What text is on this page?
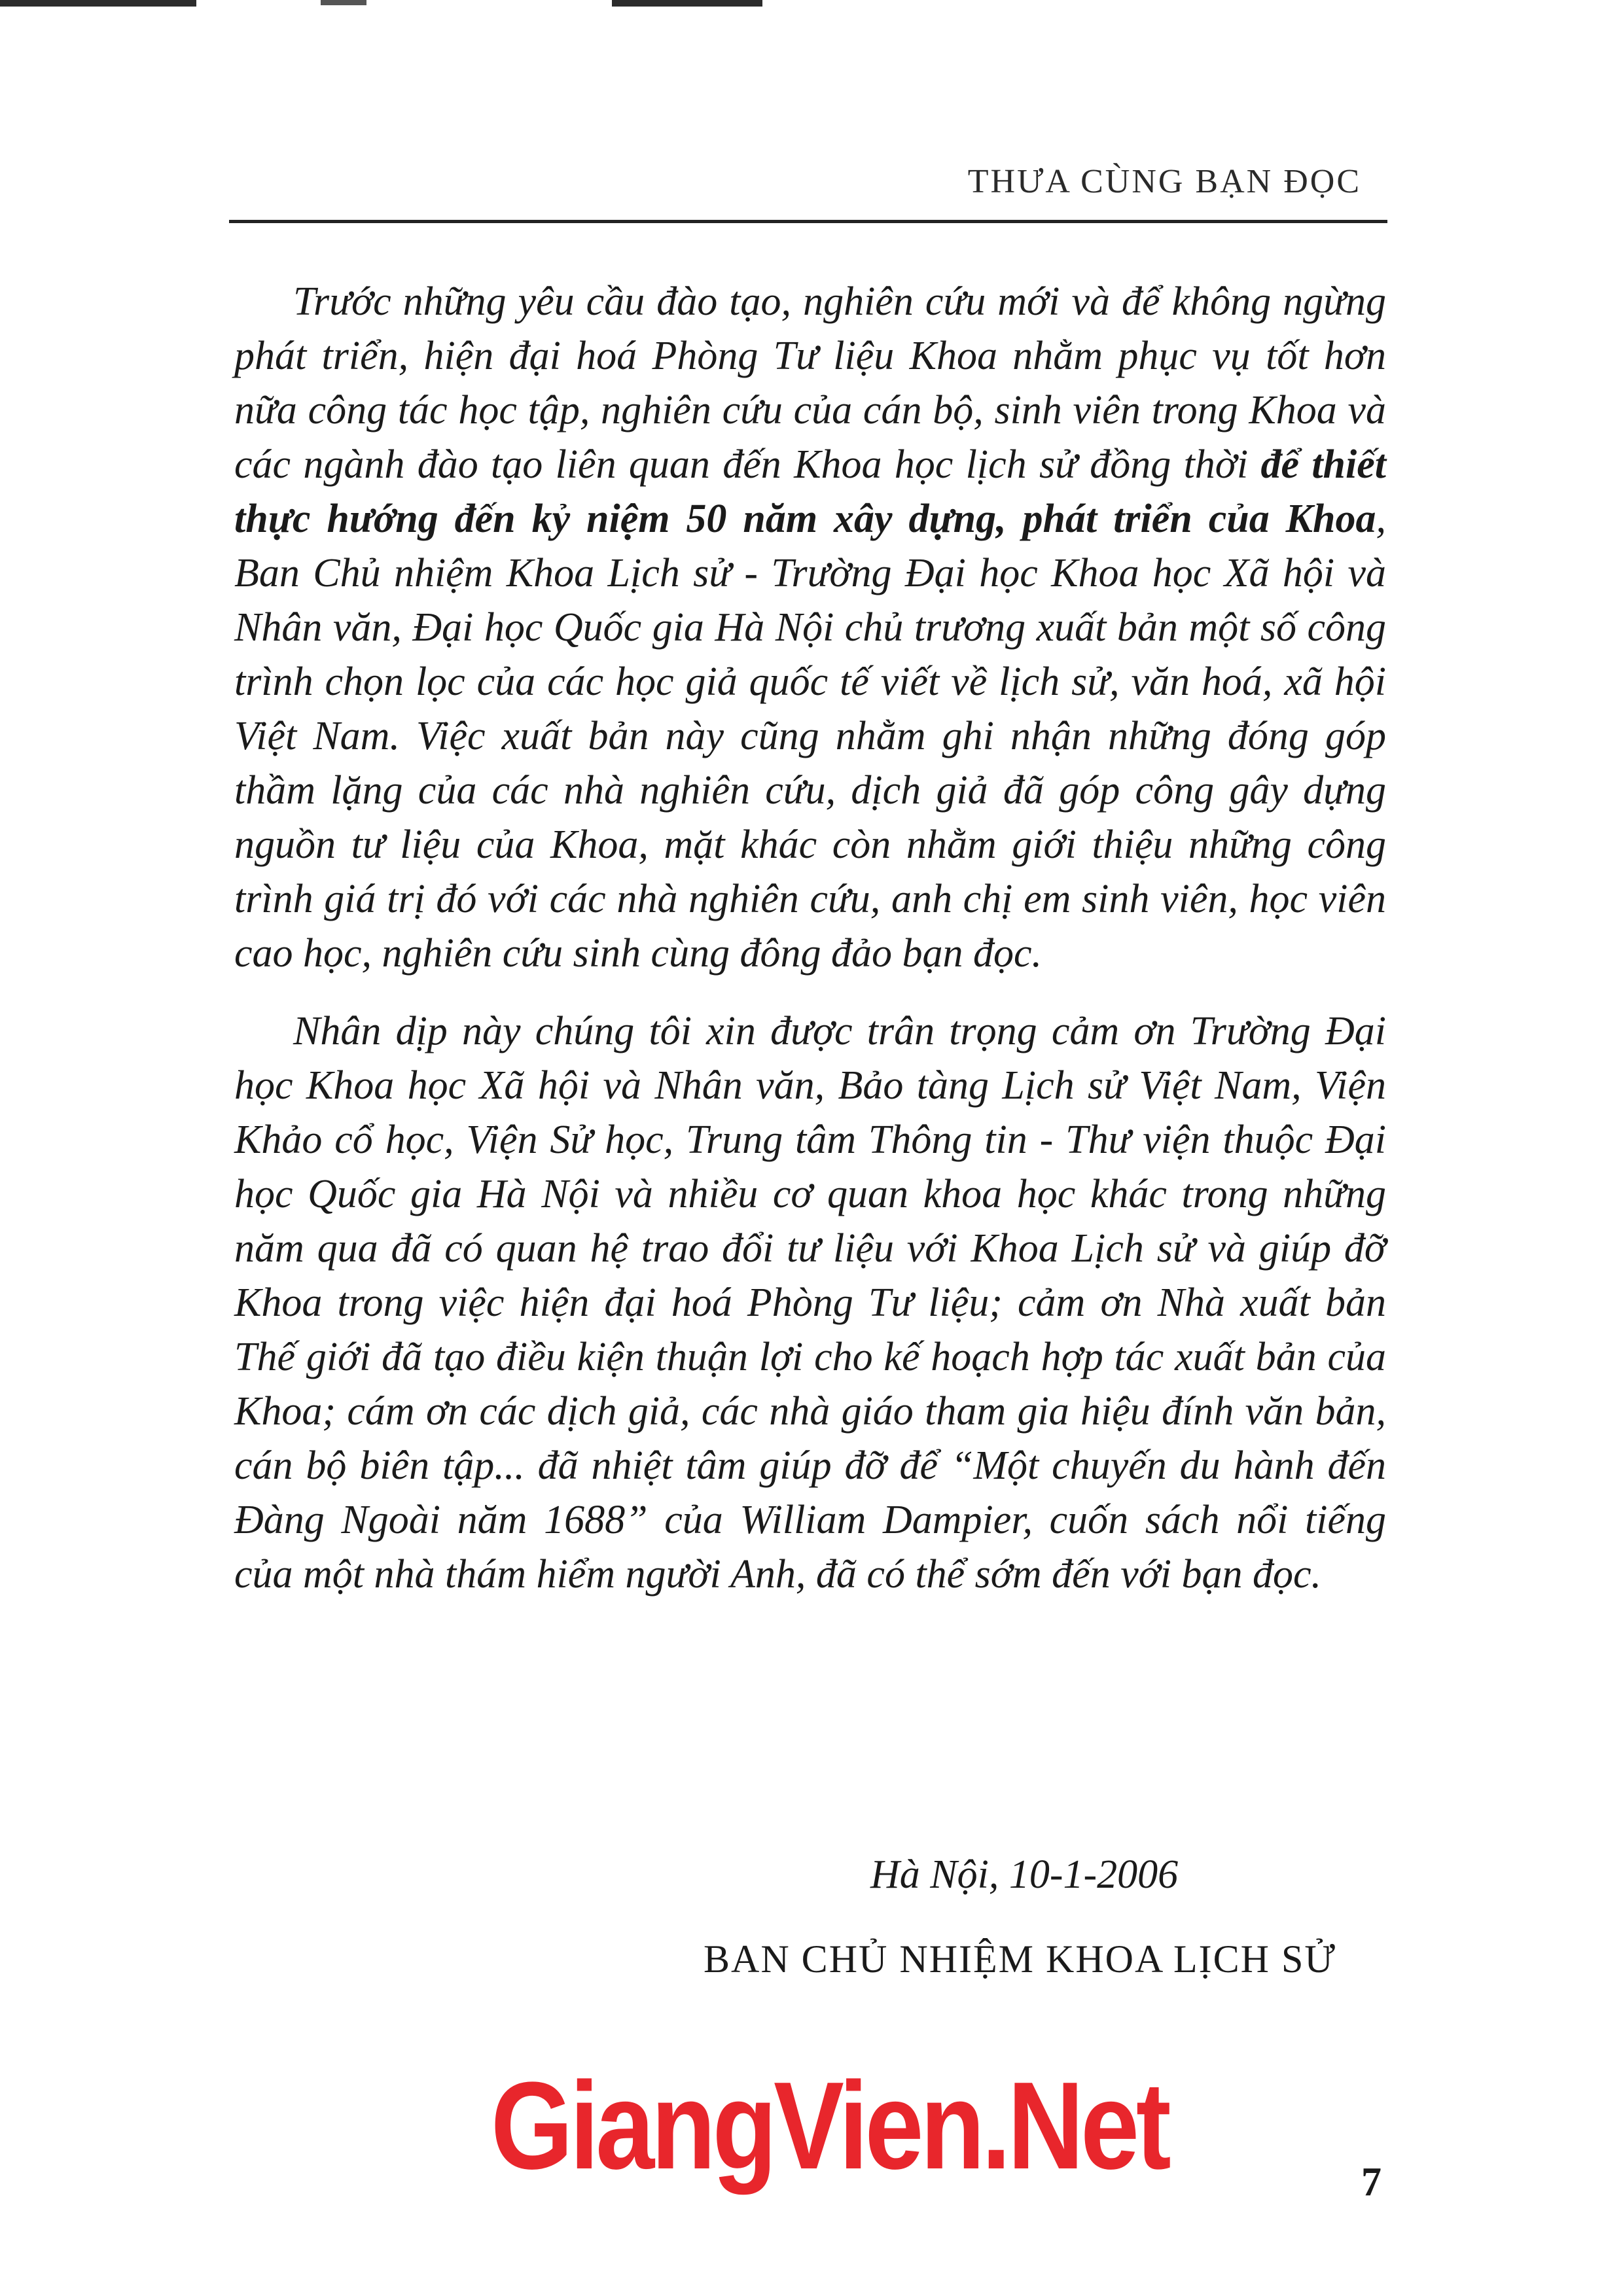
THƯA CÙNG BẠN ĐỌC

Trước những yêu cầu đào tạo, nghiên cứu mới và để không ngừng phát triển, hiện đại hoá Phòng Tư liệu Khoa nhằm phục vụ tốt hơn nữa công tác học tập, nghiên cứu của cán bộ, sinh viên trong Khoa và các ngành đào tạo liên quan đến Khoa học lịch sử đồng thời để thiết thực hướng đến kỷ niệm 50 năm xây dựng, phát triển của Khoa, Ban Chủ nhiệm Khoa Lịch sử - Trường Đại học Khoa học Xã hội và Nhân văn, Đại học Quốc gia Hà Nội chủ trương xuất bản một số công trình chọn lọc của các học giả quốc tế viết về lịch sử, văn hoá, xã hội Việt Nam. Việc xuất bản này cũng nhằm ghi nhận những đóng góp thầm lặng của các nhà nghiên cứu, dịch giả đã góp công gây dựng nguồn tư liệu của Khoa, mặt khác còn nhằm giới thiệu những công trình giá trị đó với các nhà nghiên cứu, anh chị em sinh viên, học viên cao học, nghiên cứu sinh cùng đông đảo bạn đọc.

Nhân dịp này chúng tôi xin được trân trọng cảm ơn Trường Đại học Khoa học Xã hội và Nhân văn, Bảo tàng Lịch sử Việt Nam, Viện Khảo cổ học, Viện Sử học, Trung tâm Thông tin - Thư viện thuộc Đại học Quốc gia Hà Nội và nhiều cơ quan khoa học khác trong những năm qua đã có quan hệ trao đổi tư liệu với Khoa Lịch sử và giúp đỡ Khoa trong việc hiện đại hoá Phòng Tư liệu; cảm ơn Nhà xuất bản Thế giới đã tạo điều kiện thuận lợi cho kế hoạch hợp tác xuất bản của Khoa; cám ơn các dịch giả, các nhà giáo tham gia hiệu đính văn bản, cán bộ biên tập... đã nhiệt tâm giúp đỡ để “Một chuyến du hành đến Đàng Ngoài năm 1688” của William Dampier, cuốn sách nổi tiếng của một nhà thám hiểm người Anh, đã có thể sớm đến với bạn đọc.

Hà Nội, 10-1-2006
BAN CHỦ NHIỆM KHOA LỊCH SỬ
GiangVien.Net	7
